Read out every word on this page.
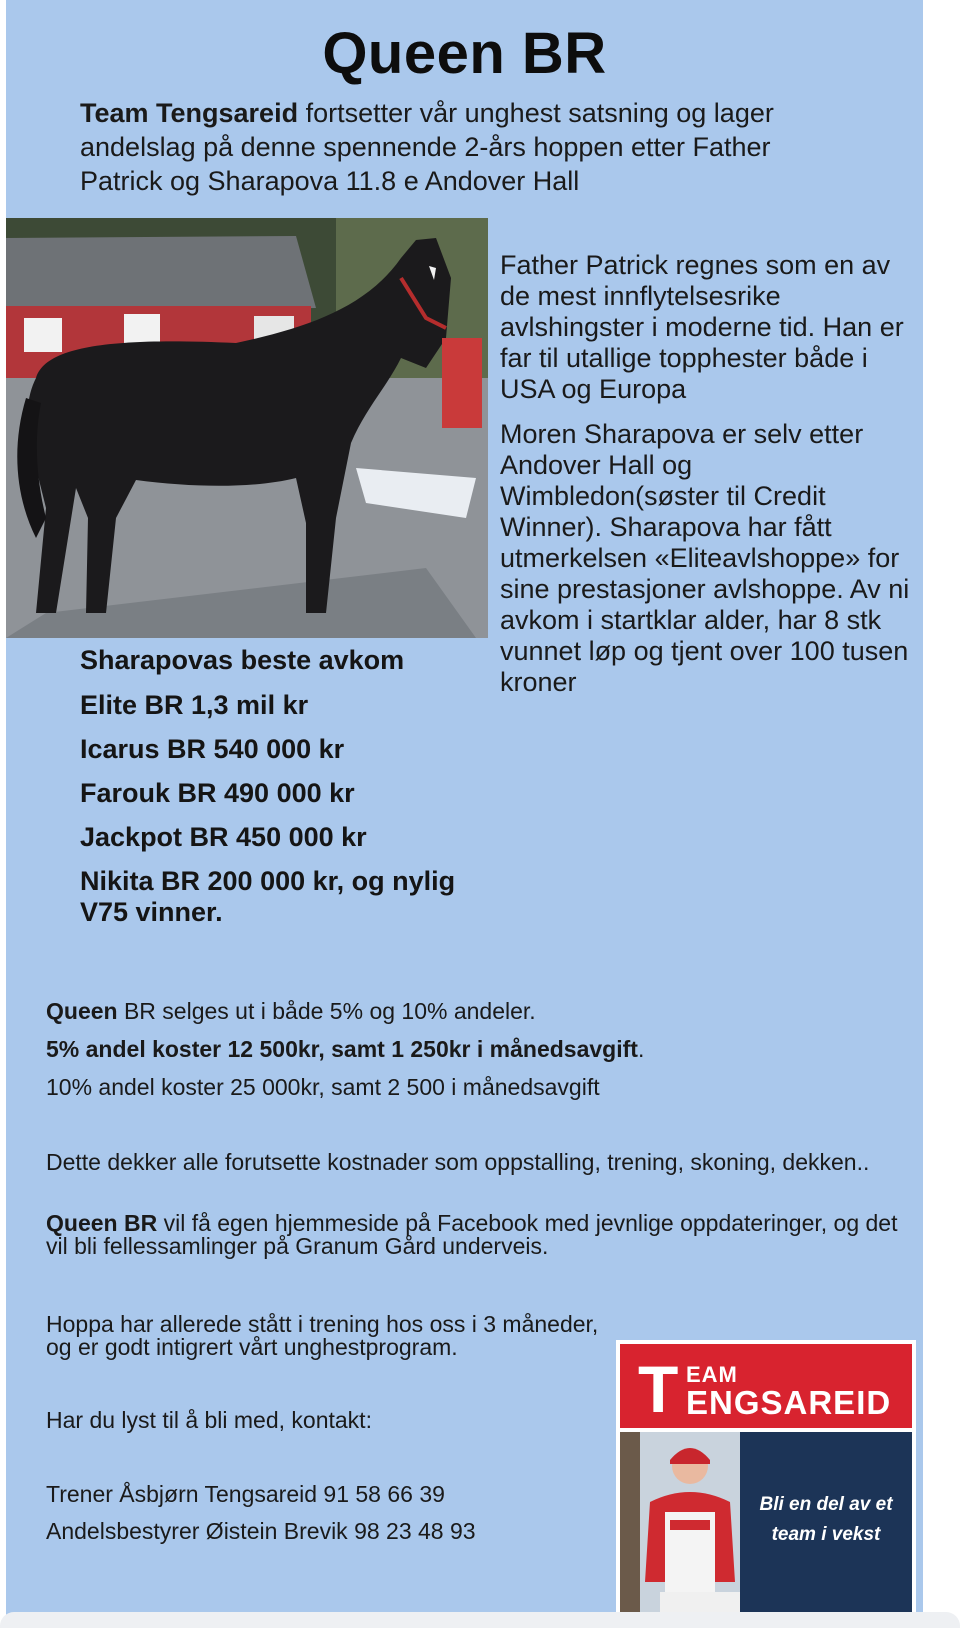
Queen BR
Team Tengsareid fortsetter vår unghest satsning og lager andelslag på denne spennende 2-års hoppen etter Father Patrick og Sharapova 11.8 e Andover Hall

Father Patrick regnes som en av de mest innflytelsesrike avlshingster i moderne tid. Han er far til utallige topphester både i USA og Europa

Moren Sharapova er selv etter Andover Hall og Wimbledon(søster til Credit Winner). Sharapova har fått utmerkelsen «Eliteavlshoppe» for sine prestasjoner avlshoppe. Av ni avkom i startklar alder, har 8 stk vunnet løp og tjent over 100 tusen kroner

Sharapovas beste avkom
Elite BR 1,3 mil kr
Icarus BR 540 000 kr
Farouk BR 490 000 kr
Jackpot BR 450 000 kr
Nikita BR 200 000 kr, og nylig V75 vinner.
Queen BR selges ut i både 5% og 10% andeler.
5% andel koster 12 500kr, samt 1 250kr i månedsavgift.
10% andel koster 25 000kr, samt 2 500 i månedsavgift
Dette dekker alle forutsette kostnader som oppstalling, trening, skoning, dekken..
Queen BR vil få egen hjemmeside på Facebook med jevnlige oppdateringer, og det vil bli fellessamlinger på Granum Gård underveis.
Hoppa har allerede stått i trening hos oss i 3 måneder, og er godt intigrert vårt unghestprogram.
Har du lyst til å bli med, kontakt:
Trener Åsbjørn Tengsareid 91 58 66 39
Andelsbestyrer Øistein Brevik 98 23 48 93
T EAM
ENGSAREID
Bli en del av et team i vekst
